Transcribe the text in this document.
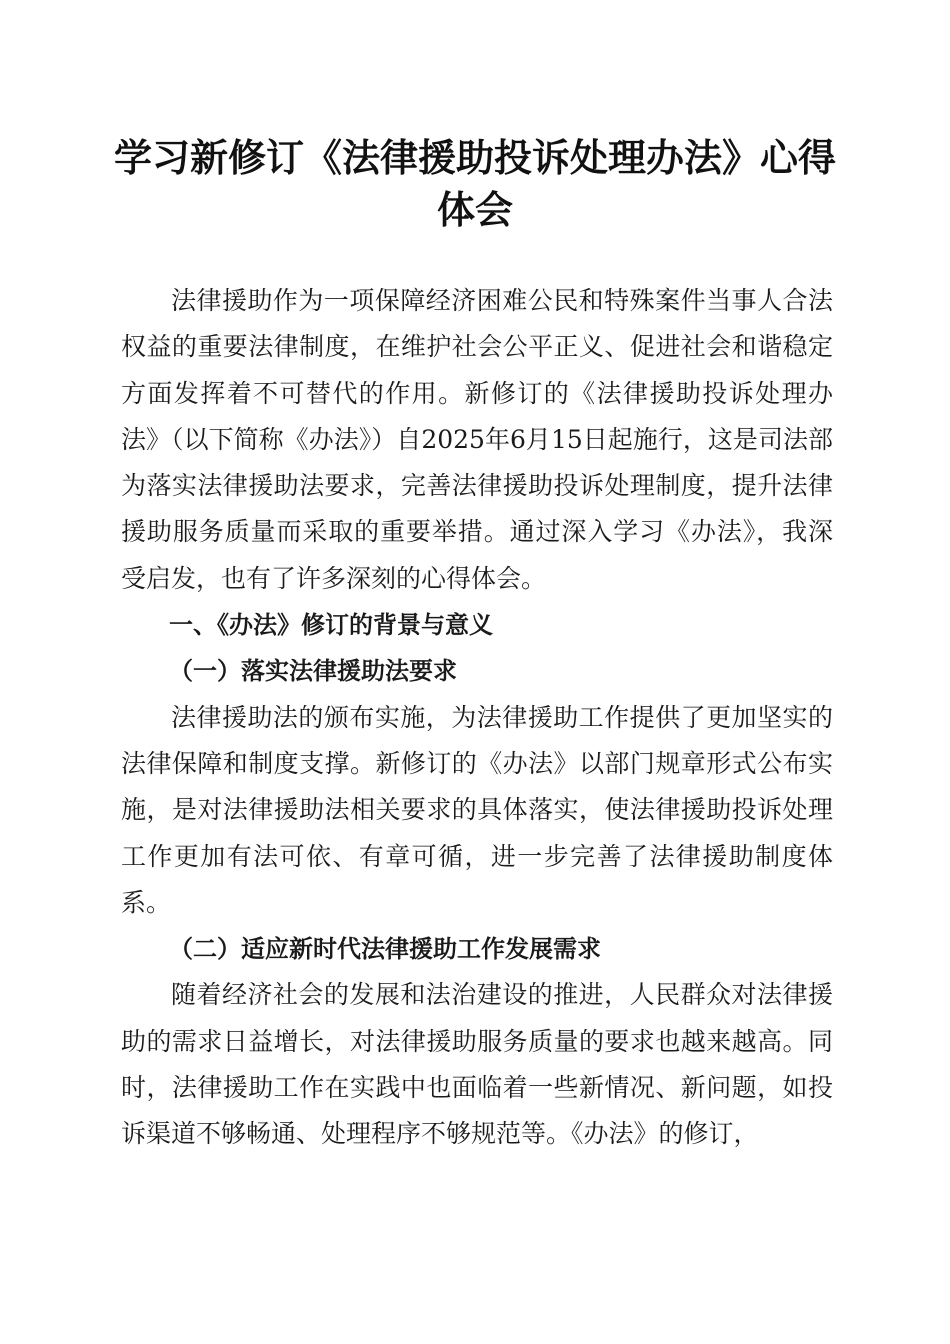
学习新修订《法律援助投诉处理办法》心得体会

法律援助作为一项保障经济困难公民和特殊案件当事人合法权益的重要法律制度，在维护社会公平正义、促进社会和谐稳定方面发挥着不可替代的作用。新修订的《法律援助投诉处理办法》（以下简称《办法》）自2025年6月15日起施行，这是司法部为落实法律援助法要求，完善法律援助投诉处理制度，提升法律援助服务质量而采取的重要举措。通过深入学习《办法》，我深受启发，也有了许多深刻的心得体会。

一、《办法》修订的背景与意义

（一）落实法律援助法要求

法律援助法的颁布实施，为法律援助工作提供了更加坚实的法律保障和制度支撑。新修订的《办法》以部门规章形式公布实施，是对法律援助法相关要求的具体落实，使法律援助投诉处理工作更加有法可依、有章可循，进一步完善了法律援助制度体系。

（二）适应新时代法律援助工作发展需求

随着经济社会的发展和法治建设的推进，人民群众对法律援助的需求日益增长，对法律援助服务质量的要求也越来越高。同时，法律援助工作在实践中也面临着一些新情况、新问题，如投诉渠道不够畅通、处理程序不够规范等。《办法》的修订，
